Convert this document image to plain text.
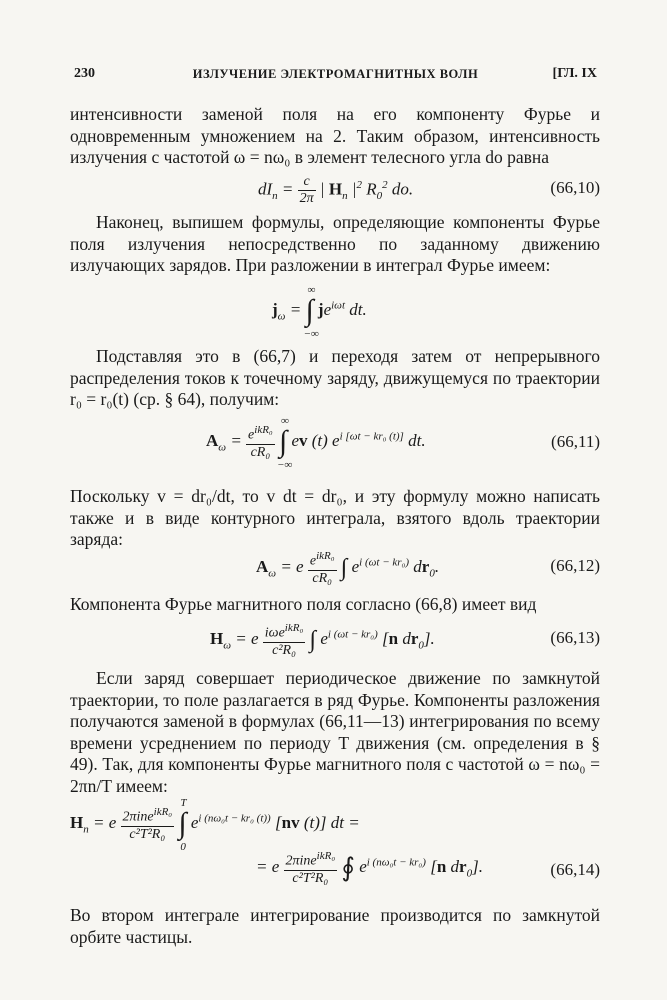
230	ИЗЛУЧЕНИЕ ЭЛЕКТРОМАГНИТНЫХ ВОЛН	[ГЛ. IX

интенсивности заменой поля на его компоненту Фурье и одновременным умножением на 2. Таким образом, интенсивность излучения с частотой ω = nω₀ в элемент телесного угла do равна

$dI_n = \frac{c}{2\pi}$ | $H_n$ $|^2$ $R_0^2$ do.	(66,10)

Наконец, выпишем формулы, определяющие компоненты Фурье поля излучения непосредственно по заданному движению излучающих зарядов. При разложении в интеграл Фурье имеем:

$j_\omega$ = ∫
∞
−∞
$je^{i\omega t}$ dt.

Подставляя это в (66,7) и переходя затем от непрерывного распределения токов к точечному заряду, движущемуся по траектории r₀ = r₀(t) (ср. § 64), получим:

$A_\omega = \frac{e^{ikR_0}}{\text{cR₀}}$ ∫
∞
−∞
ev (t) $e^{i [\omega t - kr_0 (t)]}$ dt.	(66,11)

Поскольку v = dr₀/dt, то v dt = dr₀, и эту формулу можно написать также и в виде контурного интеграла, взятого вдоль траектории заряда:

$A_\omega = e \frac{e^{ikR_0}}{\text{cR₀}}$ ∫ $e^{i (\omega t - kr_0)}$ $dr_0$.	(66,12)

Компонента Фурье магнитного поля согласно (66,8) имеет вид

$H_\omega = e \frac{i\omega e^{ikR_0}}{\text{c²R₀}}$ ∫ $e^{i (\omega t - kr_0)}$ [n $dr_0$].	(66,13)

Если заряд совершает периодическое движение по замкнутой траектории, то поле разлагается в ряд Фурье. Компоненты разложения получаются заменой в формулах (66,11—13) интегрирования по всему времени усреднением по периоду T движения (см. определения в § 49). Так, для компоненты Фурье магнитного поля с частотой ω = nω₀ = 2πn/T имеем:

$H_n = e \frac{2\pi ine^{ikR_0}}{\text{c²T²R₀}}$ ∫
T
0
$e^{i (n\omega_0t - kr_0 (t))}$ [nv (t)] dt =
= e $\frac{2\pi ine^{ikR_0}}{\text{c²T²R₀}}$ ∮ $e^{i (n\omega_0t - kr_0)}$ [n $dr_0$].	(66,14)

Во втором интеграле интегрирование производится по замкнутой орбите частицы.
